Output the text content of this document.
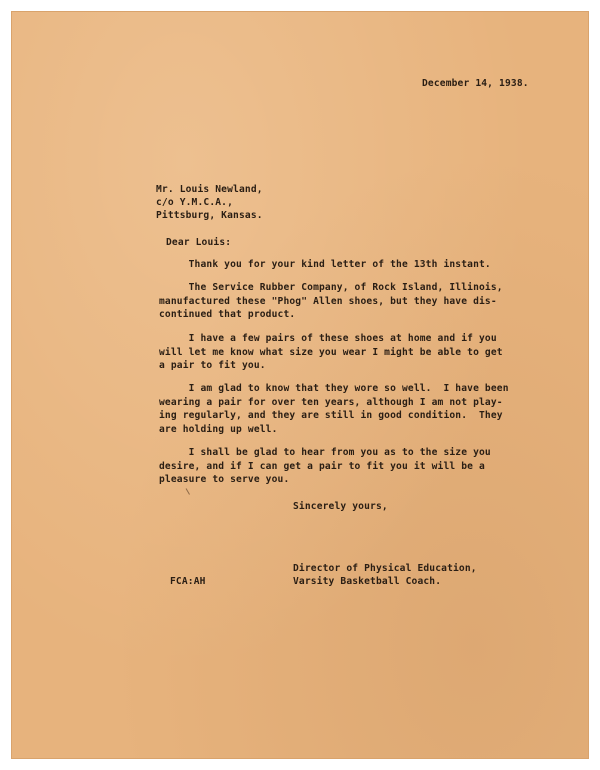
December 14, 1938.
Mr. Louis Newland,
c/o Y.M.C.A.,
Pittsburg, Kansas.
Dear Louis:
Thank you for your kind letter of the 13th instant.
The Service Rubber Company, of Rock Island, Illinois,
manufactured these "Phog" Allen shoes, but they have dis-
continued that product.
I have a few pairs of these shoes at home and if you
will let me know what size you wear I might be able to get
a pair to fit you.
I am glad to know that they wore so well.  I have been
wearing a pair for over ten years, although I am not play-
ing regularly, and they are still in good condition.  They
are holding up well.
I shall be glad to hear from you as to the size you
desire, and if I can get a pair to fit you it will be a
pleasure to serve you.
Sincerely yours,
Director of Physical Education,
Varsity Basketball Coach.
FCA:AH
